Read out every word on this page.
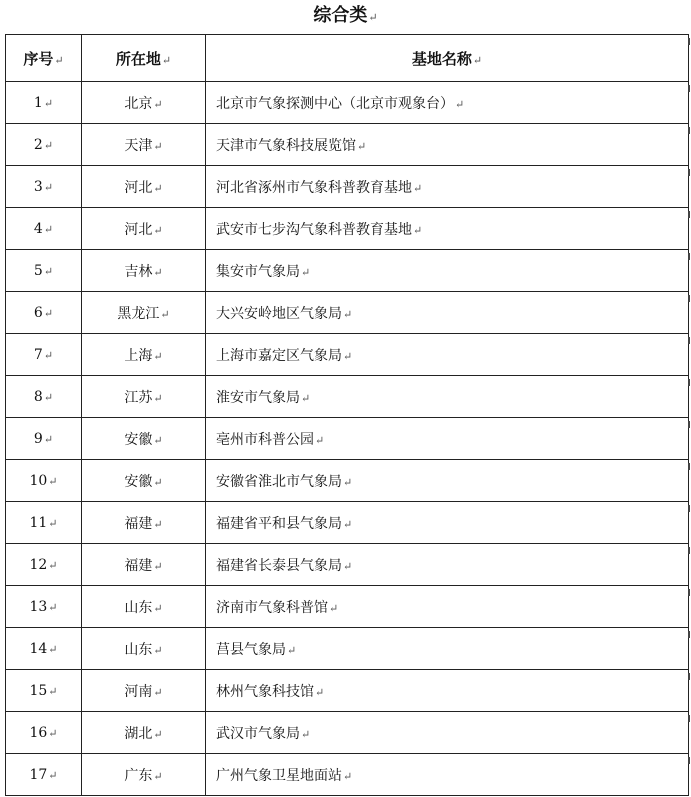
综合类↵
序号↵	所在地↵	基地名称↵
1↵	北京↵	北京市气象探测中心（北京市观象台）↵
2↵	天津↵	天津市气象科技展览馆↵
3↵	河北↵	河北省涿州市气象科普教育基地↵
4↵	河北↵	武安市七步沟气象科普教育基地↵
5↵	吉林↵	集安市气象局↵
6↵	黑龙江↵	大兴安岭地区气象局↵
7↵	上海↵	上海市嘉定区气象局↵
8↵	江苏↵	淮安市气象局↵
9↵	安徽↵	亳州市科普公园↵
10↵	安徽↵	安徽省淮北市气象局↵
11↵	福建↵	福建省平和县气象局↵
12↵	福建↵	福建省长泰县气象局↵
13↵	山东↵	济南市气象科普馆↵
14↵	山东↵	莒县气象局↵
15↵	河南↵	林州气象科技馆↵
16↵	湖北↵	武汉市气象局↵
17↵	广东↵	广州气象卫星地面站↵
